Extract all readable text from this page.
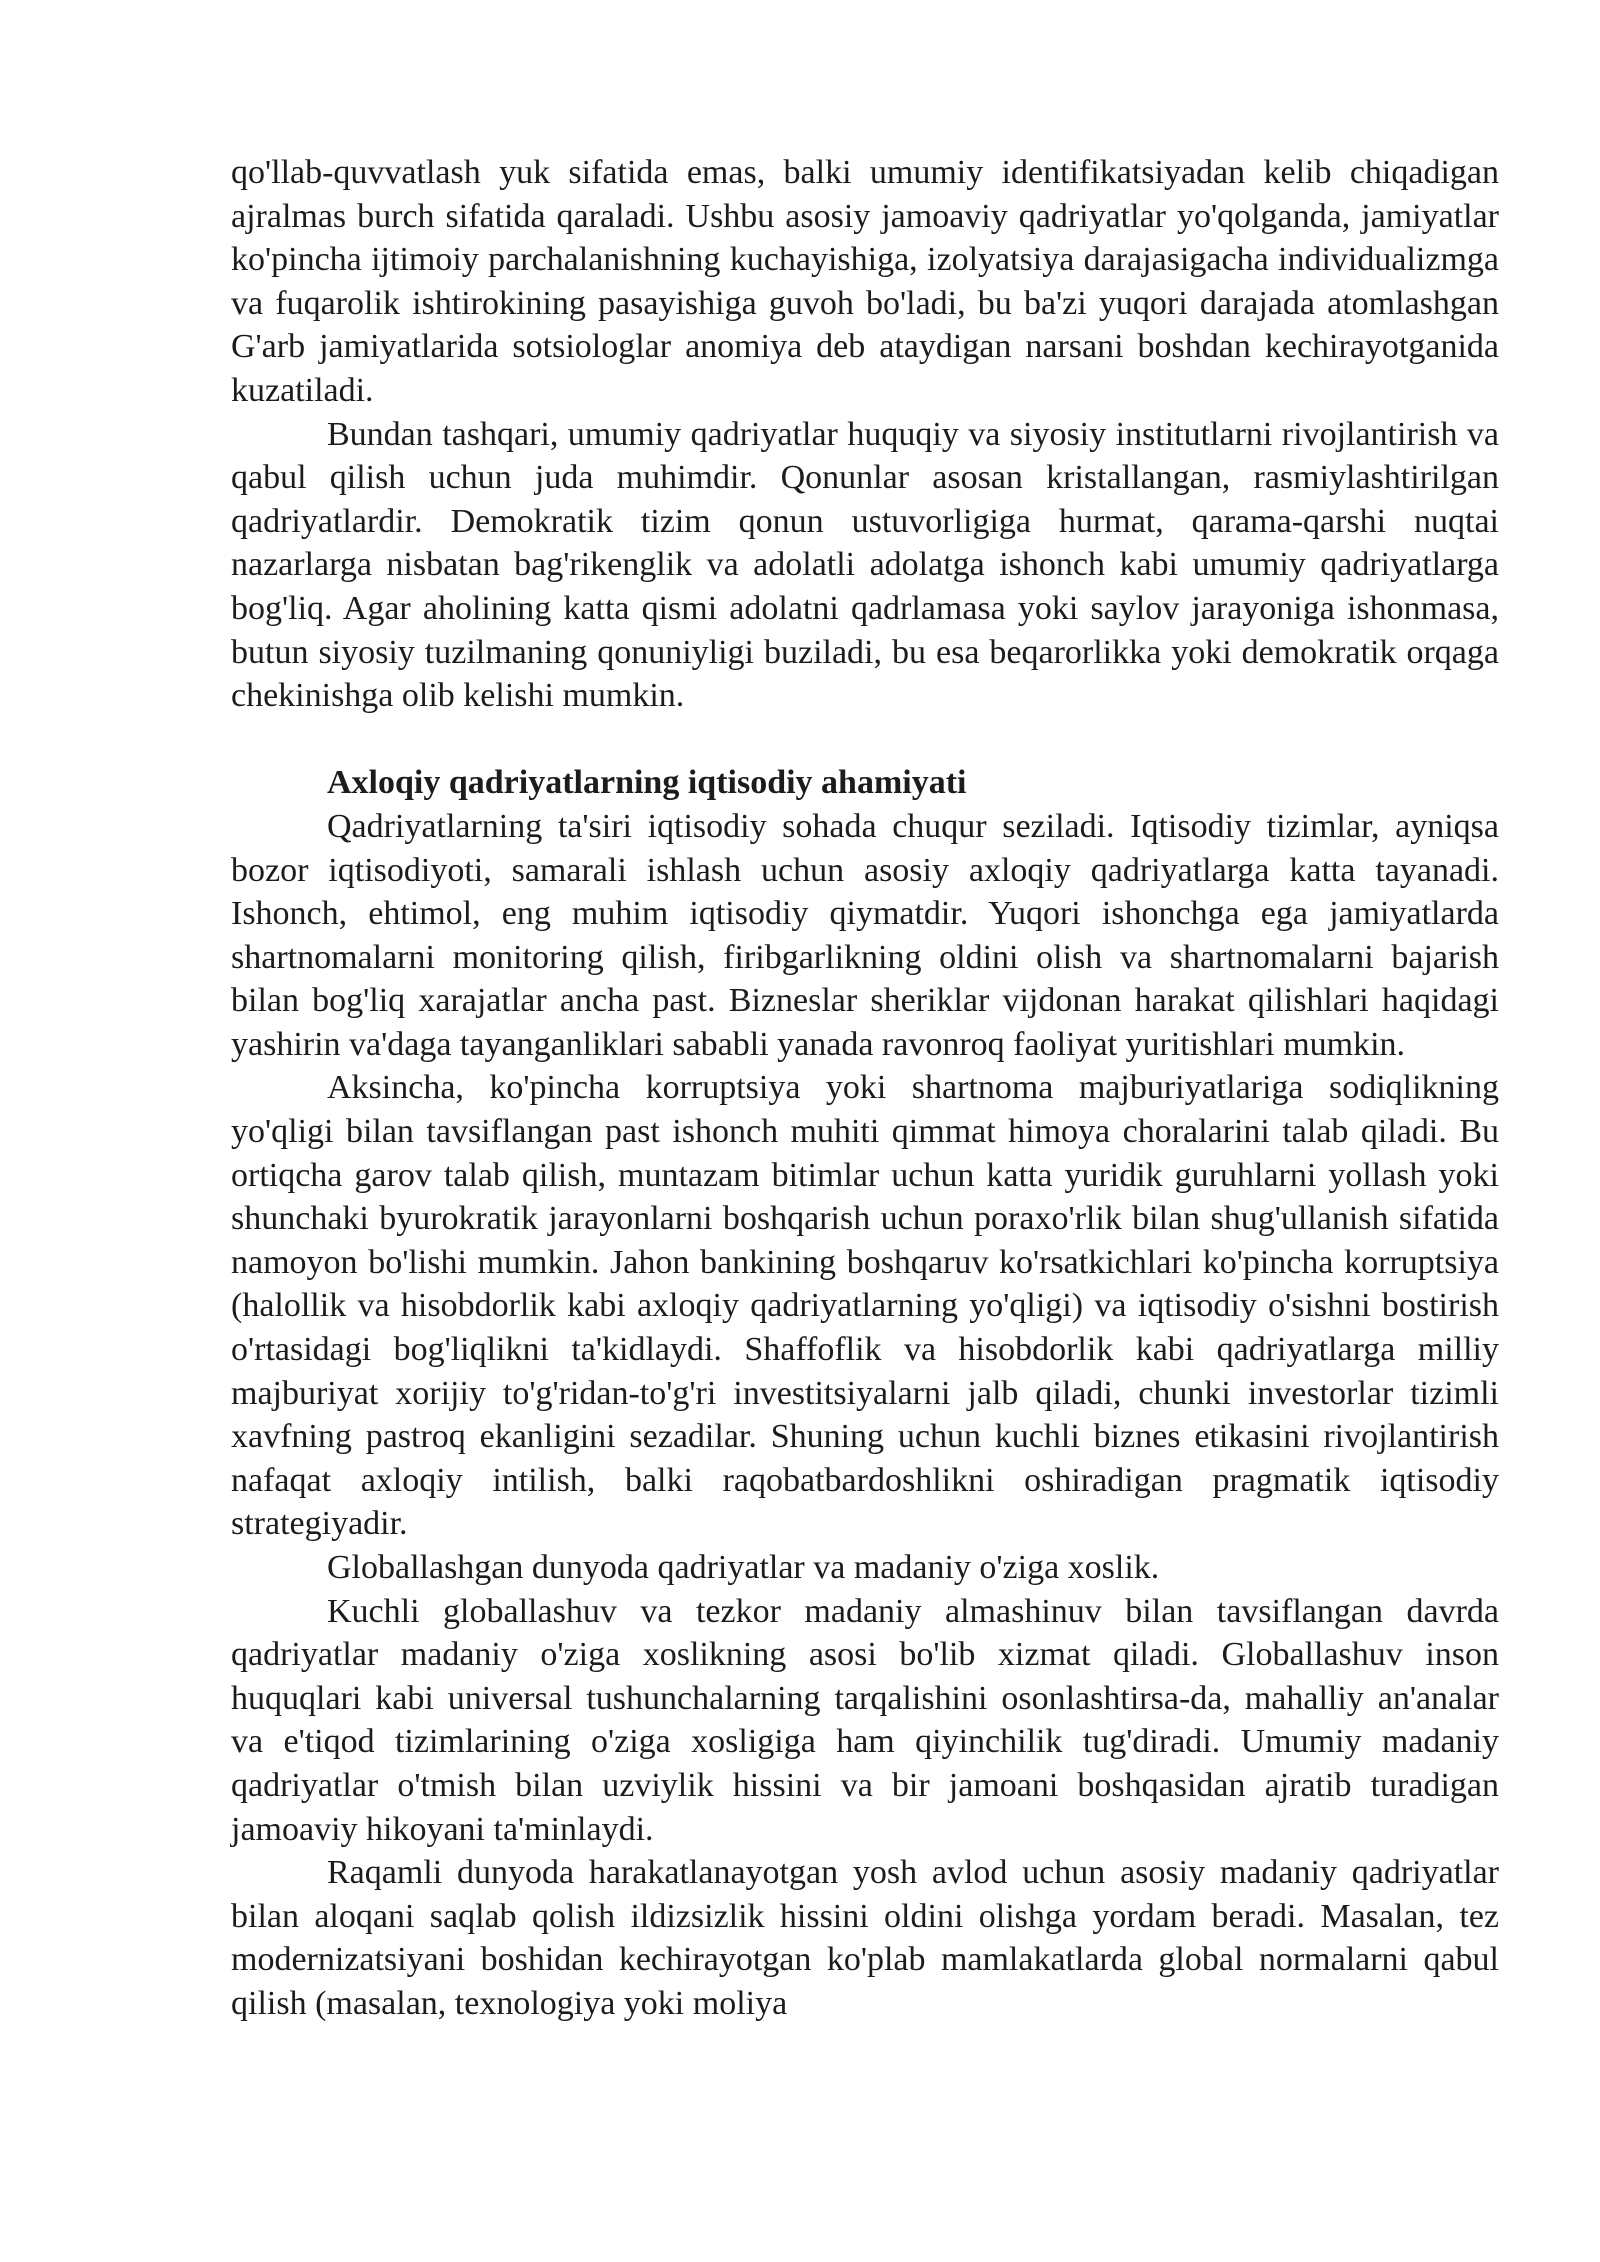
qo'llab-quvvatlash yuk sifatida emas, balki umumiy identifikatsiyadan kelib chiqadigan ajralmas burch sifatida qaraladi. Ushbu asosiy jamoaviy qadriyatlar yo'qolganda, jamiyatlar ko'pincha ijtimoiy parchalanishning kuchayishiga, izolyatsiya darajasigacha individualizmga va fuqarolik ishtirokining pasayishiga guvoh bo'ladi, bu ba'zi yuqori darajada atomlashgan G'arb jamiyatlarida sotsiologlar anomiya deb ataydigan narsani boshdan kechirayotganida kuzatiladi.

Bundan tashqari, umumiy qadriyatlar huquqiy va siyosiy institutlarni rivojlantirish va qabul qilish uchun juda muhimdir. Qonunlar asosan kristallangan, rasmiylashtirilgan qadriyatlardir. Demokratik tizim qonun ustuvorligiga hurmat, qarama-qarshi nuqtai nazarlarga nisbatan bag'rikenglik va adolatli adolatga ishonch kabi umumiy qadriyatlarga bog'liq. Agar aholining katta qismi adolatni qadrlamasa yoki saylov jarayoniga ishonmasa, butun siyosiy tuzilmaning qonuniyligi buziladi, bu esa beqarorlikka yoki demokratik orqaga chekinishga olib kelishi mumkin.

Axloqiy qadriyatlarning iqtisodiy ahamiyati

Qadriyatlarning ta'siri iqtisodiy sohada chuqur seziladi. Iqtisodiy tizimlar, ayniqsa bozor iqtisodiyoti, samarali ishlash uchun asosiy axloqiy qadriyatlarga katta tayanadi. Ishonch, ehtimol, eng muhim iqtisodiy qiymatdir. Yuqori ishonchga ega jamiyatlarda shartnomalarni monitoring qilish, firibgarlikning oldini olish va shartnomalarni bajarish bilan bog'liq xarajatlar ancha past. Bizneslar sheriklar vijdonan harakat qilishlari haqidagi yashirin va'daga tayanganliklari sababli yanada ravonroq faoliyat yuritishlari mumkin.

Aksincha, ko'pincha korruptsiya yoki shartnoma majburiyatlariga sodiqlikning yo'qligi bilan tavsiflangan past ishonch muhiti qimmat himoya choralarini talab qiladi. Bu ortiqcha garov talab qilish, muntazam bitimlar uchun katta yuridik guruhlarni yollash yoki shunchaki byurokratik jarayonlarni boshqarish uchun poraxo'rlik bilan shug'ullanish sifatida namoyon bo'lishi mumkin. Jahon bankining boshqaruv ko'rsatkichlari ko'pincha korruptsiya (halollik va hisobdorlik kabi axloqiy qadriyatlarning yo'qligi) va iqtisodiy o'sishni bostirish o'rtasidagi bog'liqlikni ta'kidlaydi. Shaffoflik va hisobdorlik kabi qadriyatlarga milliy majburiyat xorijiy to'g'ridan-to'g'ri investitsiyalarni jalb qiladi, chunki investorlar tizimli xavfning pastroq ekanligini sezadilar. Shuning uchun kuchli biznes etikasini rivojlantirish nafaqat axloqiy intilish, balki raqobatbardoshlikni oshiradigan pragmatik iqtisodiy strategiyadir.

Globallashgan dunyoda qadriyatlar va madaniy o'ziga xoslik.

Kuchli globallashuv va tezkor madaniy almashinuv bilan tavsiflangan davrda qadriyatlar madaniy o'ziga xoslikning asosi bo'lib xizmat qiladi. Globallashuv inson huquqlari kabi universal tushunchalarning tarqalishini osonlashtirsa-da, mahalliy an'analar va e'tiqod tizimlarining o'ziga xosligiga ham qiyinchilik tug'diradi. Umumiy madaniy qadriyatlar o'tmish bilan uzviylik hissini va bir jamoani boshqasidan ajratib turadigan jamoaviy hikoyani ta'minlaydi.

Raqamli dunyoda harakatlanayotgan yosh avlod uchun asosiy madaniy qadriyatlar bilan aloqani saqlab qolish ildizsizlik hissini oldini olishga yordam beradi. Masalan, tez modernizatsiyani boshidan kechirayotgan ko'plab mamlakatlarda global normalarni qabul qilish (masalan, texnologiya yoki moliya
